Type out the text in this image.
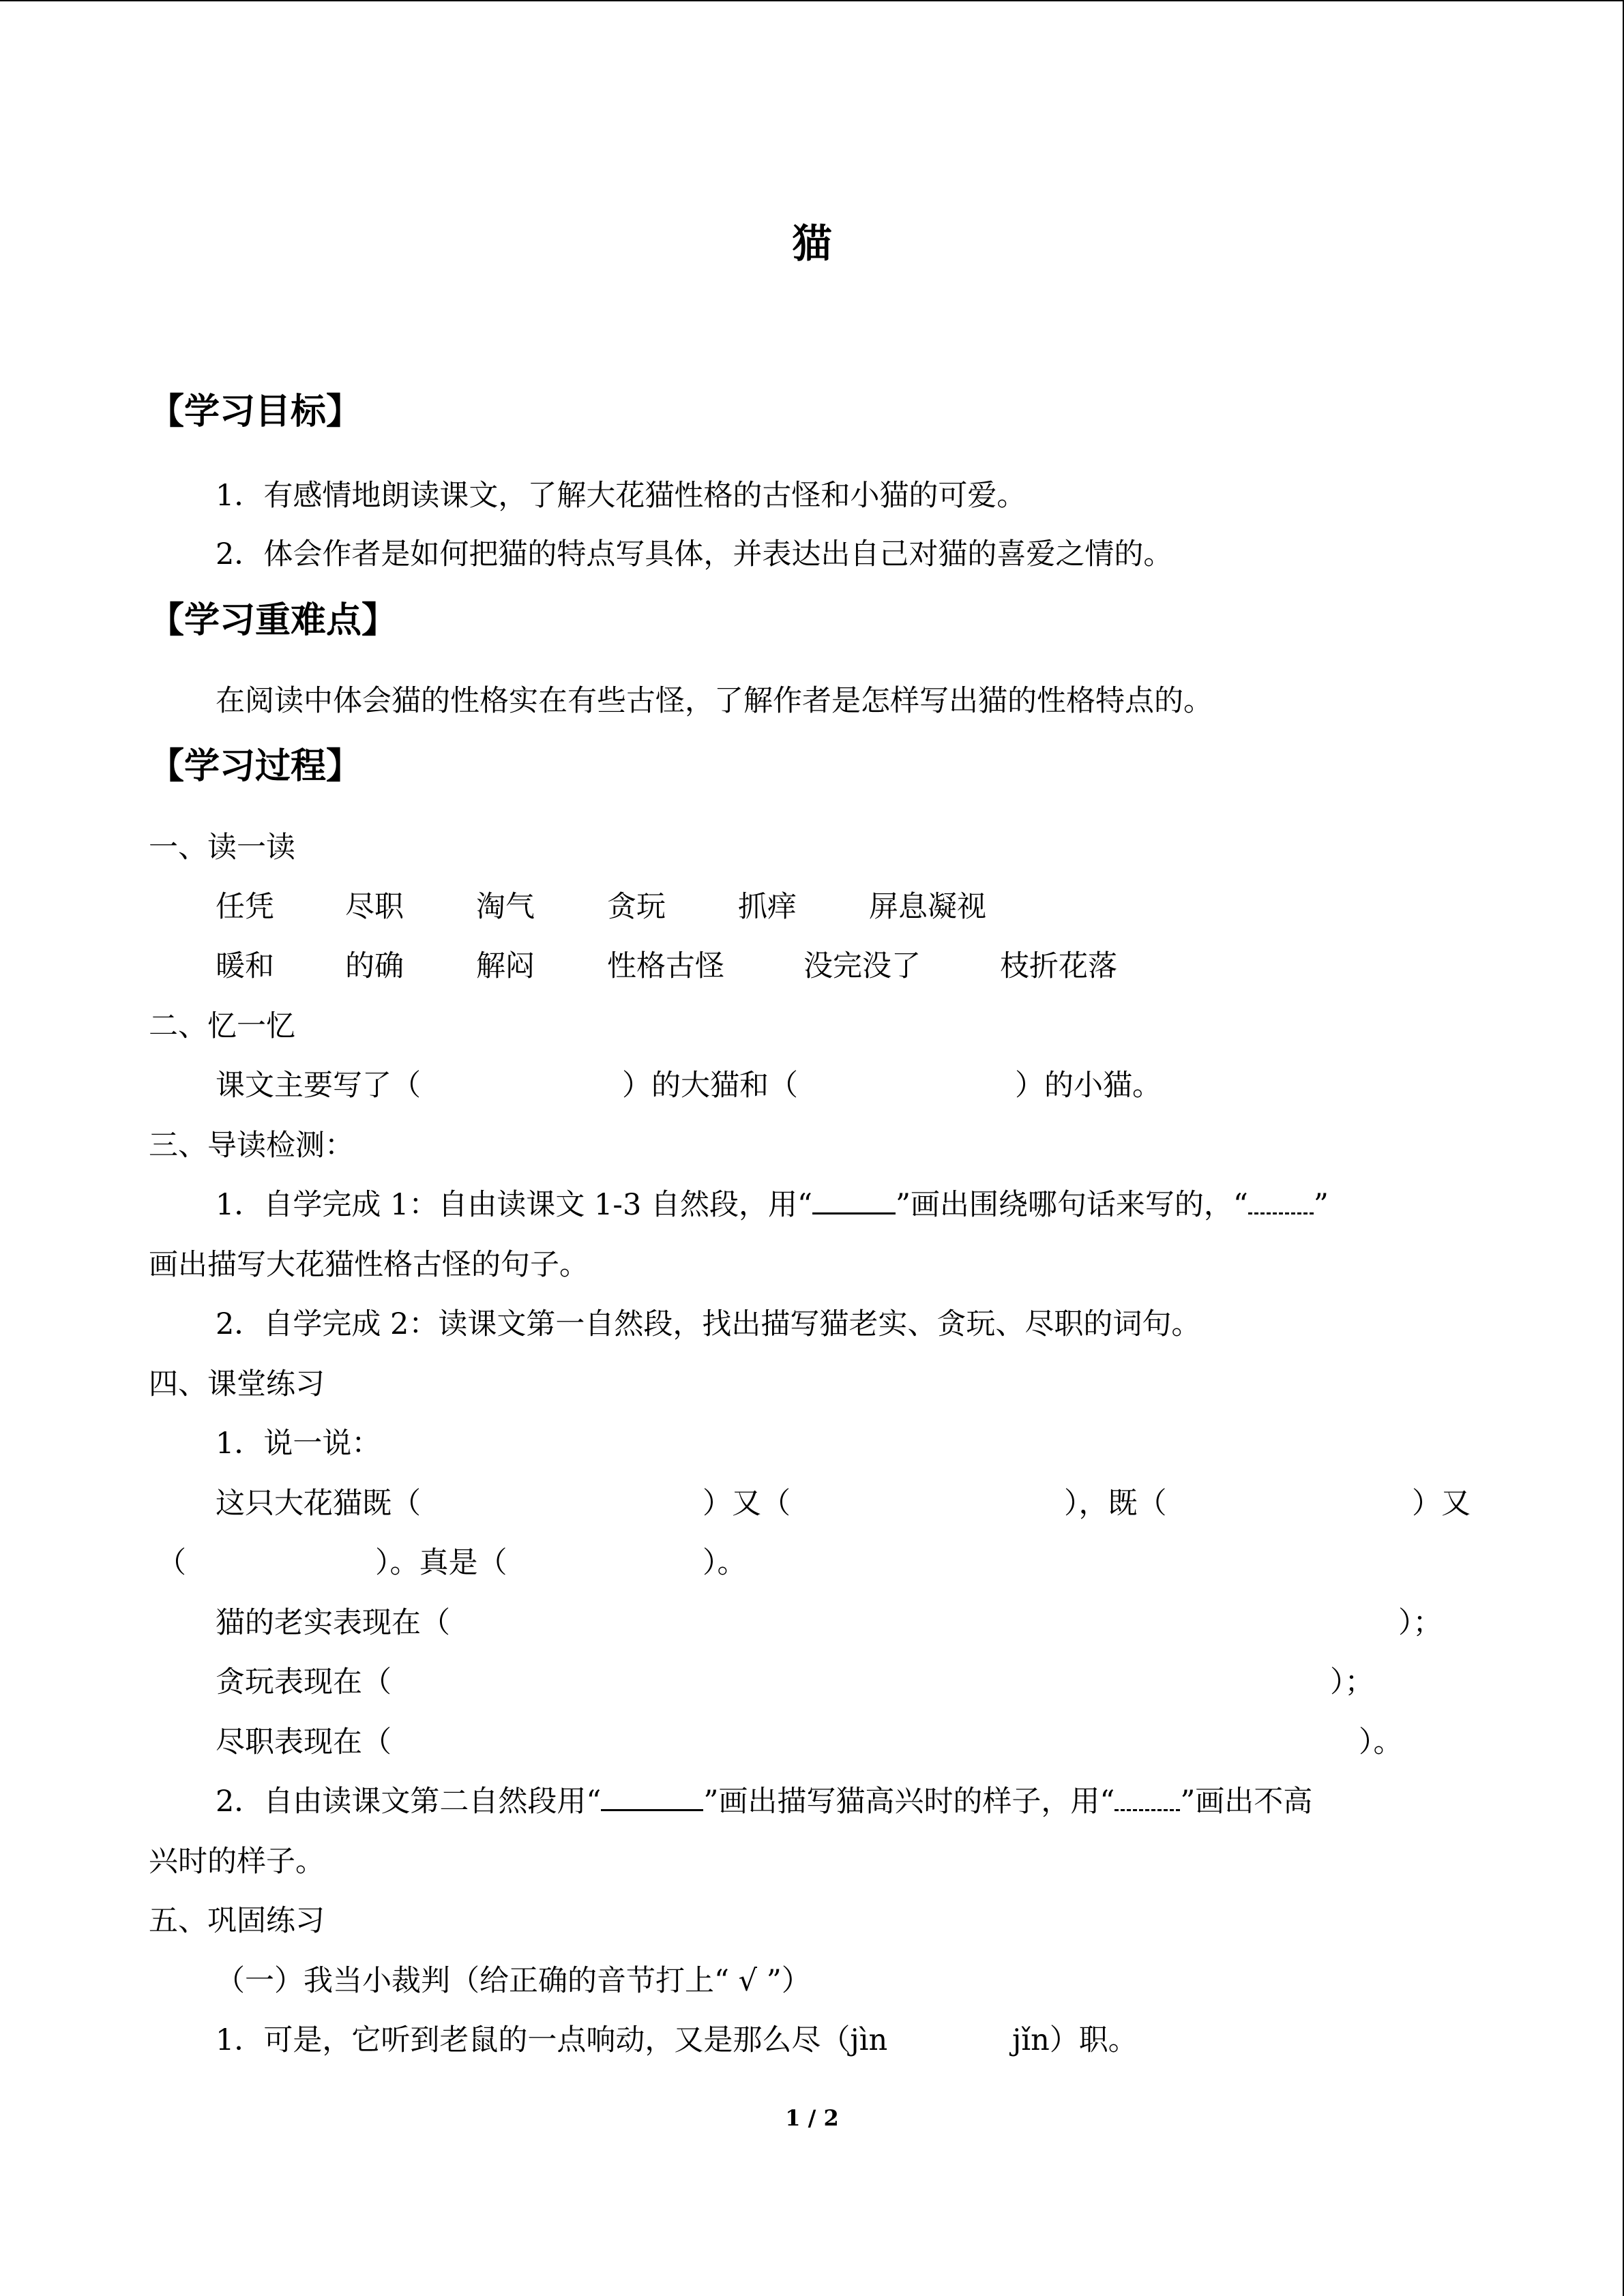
猫
【学习目标】
1．有感情地朗读课文，了解大花猫性格的古怪和小猫的可爱。
2．体会作者是如何把猫的特点写具体，并表达出自己对猫的喜爱之情的。
【学习重难点】
在阅读中体会猫的性格实在有些古怪，了解作者是怎样写出猫的性格特点的。
【学习过程】
一、读一读
任凭 尽职 淘气 贪玩 抓痒 屏息凝视
暖和 的确 解闷 性格古怪	没完没了	枝折花落
二、忆一忆
课文主要写了（	）的大猫和（	）的小猫。
三、导读检测：
1．自学完成 1：自由读课文 1-3 自然段，用“	”画出围绕哪句话来写的，“ ”
画出描写大花猫性格古怪的句子。
2．自学完成 2：读课文第一自然段，找出描写猫老实、贪玩、尽职的词句。
四、课堂练习
1．说一说：
这只大花猫既（	）又（	），既（	）又
（	）。真是（	）。
猫的老实表现在（	）；
贪玩表现在（	）；
尽职表现在（	）。
2．自由读课文第二自然段用“	”画出描写猫高兴时的样子，用“ ”画出不高
兴时的样子。
五、巩固练习
（一）我当小裁判（给正确的音节打上“ √ ”）
1．可是，它听到老鼠的一点响动，又是那么尽（jìn	jǐn）职。
1 / 2
